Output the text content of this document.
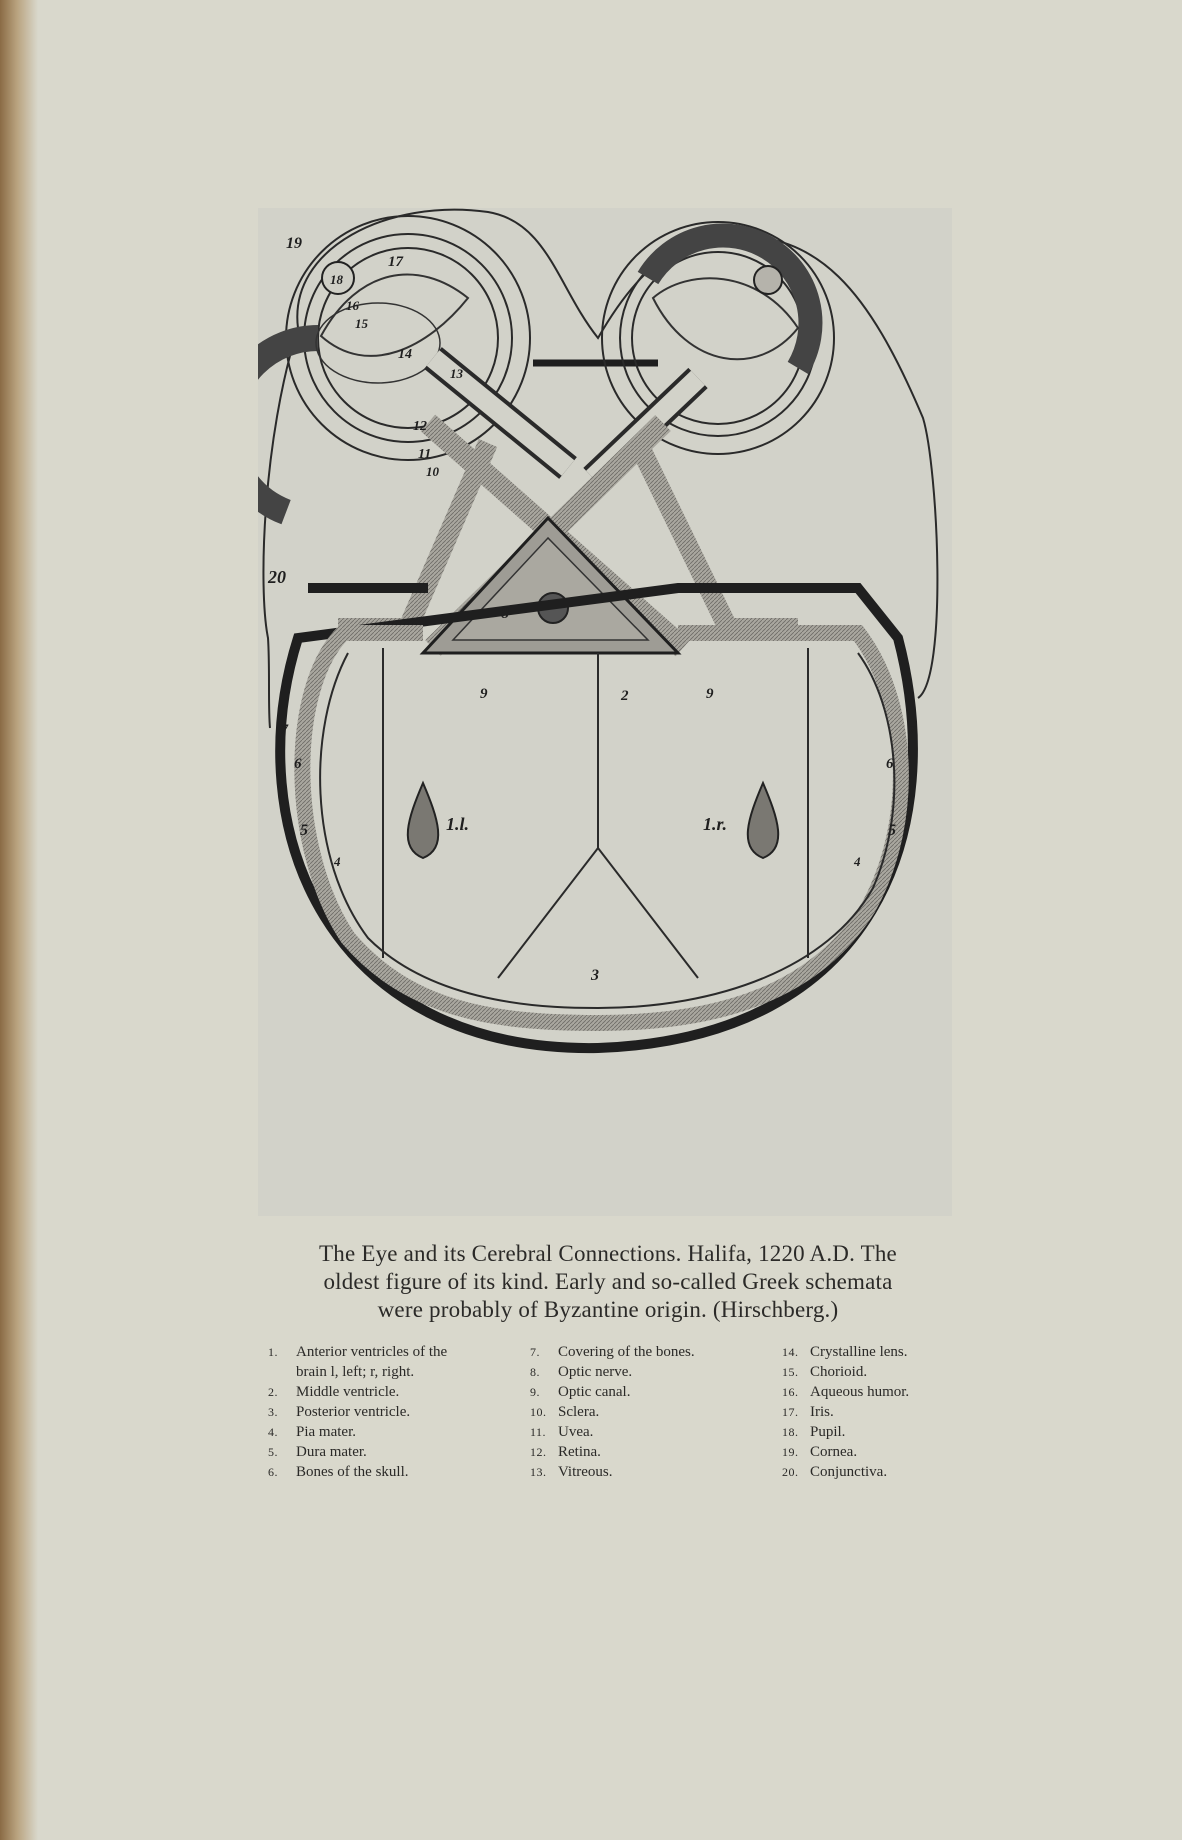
19
18
17
16
15
14
13
12
11
10
20
8
9	9
2
7	7
6	6
5	5
4	4
1.l.	1.r.
3
The Eye and its Cerebral Connections. Halifa, 1220 A.D. The
oldest figure of its kind. Early and so-called Greek schemata
were probably of Byzantine origin. (Hirschberg.)
1. Anterior ventricles of the
brain l, left; r, right.
2. Middle ventricle.
3. Posterior ventricle.
4. Pia mater.
5. Dura mater.
6. Bones of the skull.
7. Covering of the bones.
8. Optic nerve.
9. Optic canal.
10. Sclera.
11. Uvea.
12. Retina.
13. Vitreous.
14. Crystalline lens.
15. Chorioid.
16. Aqueous humor.
17. Iris.
18. Pupil.
19. Cornea.
20. Conjunctiva.
